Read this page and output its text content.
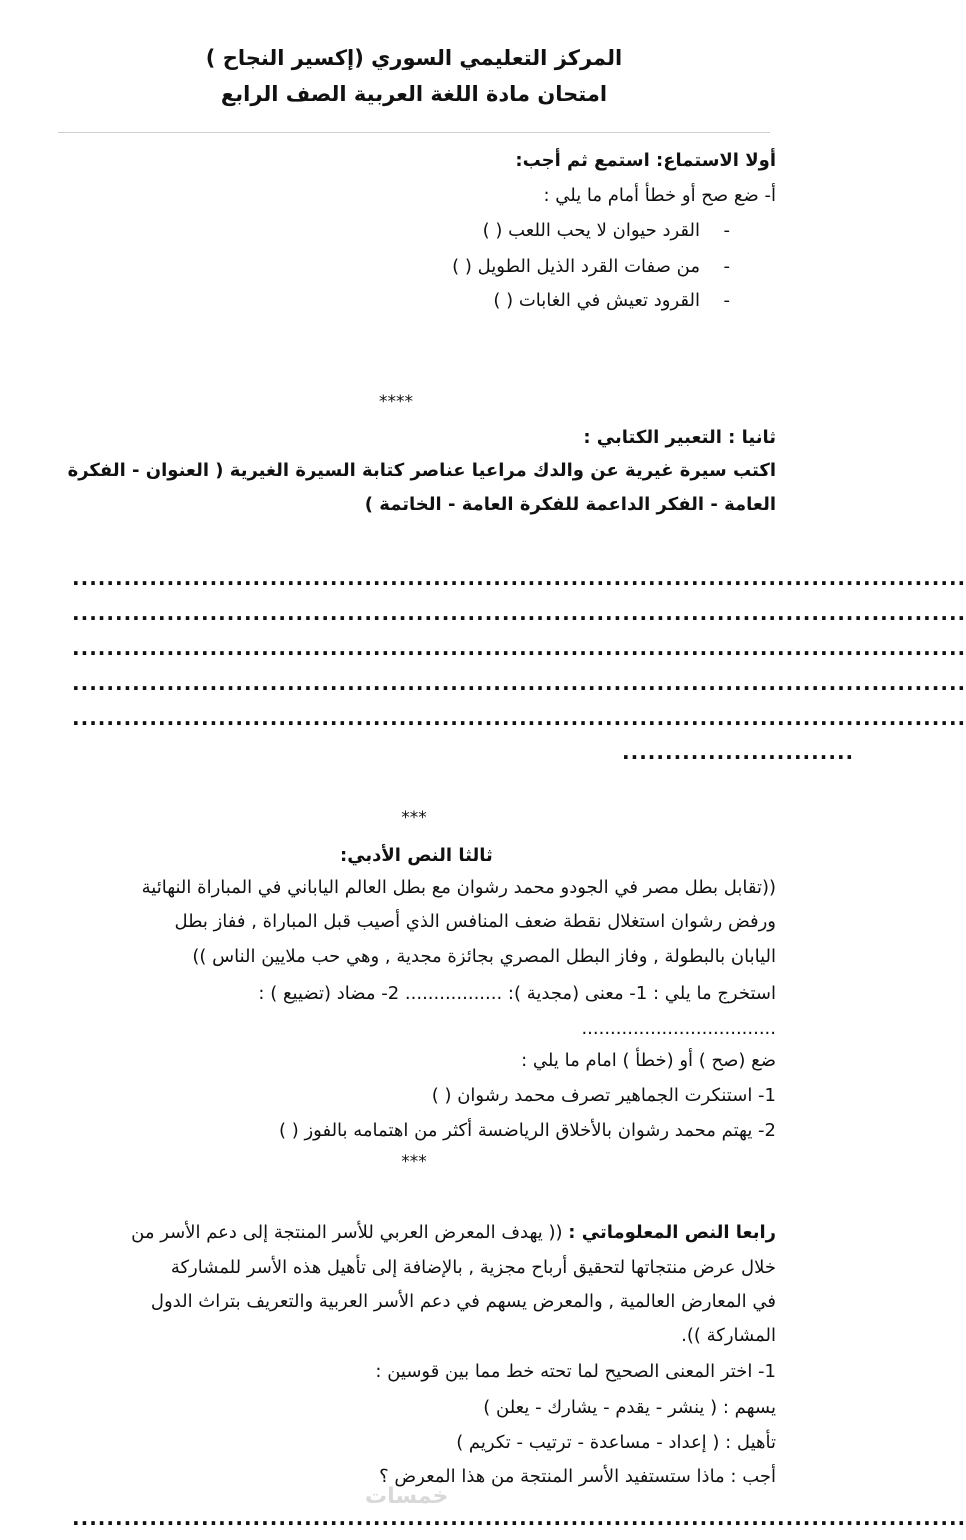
المركز التعليمي السوري (إكسير النجاح )
امتحان مادة اللغة العربية الصف الرابع
أولا الاستماع: استمع ثم أجب:
أ- ضع صح أو خطأ أمام ما يلي :
-القرد حيوان لا يحب اللعب ( )
-من صفات القرد الذيل الطويل ( )
-القرود تعيش في الغابات ( )
****
ثانيا : التعبير الكتابي :
اكتب سيرة غيرية عن والدك مراعيا عناصر كتابة السيرة الغيرية ( العنوان - الفكرة
العامة - الفكر الداعمة للفكرة العامة - الخاتمة )
........................................................................................................
........................................................................................................
........................................................................................................
........................................................................................................
........................................................................................................
...........................
***
ثالثا النص الأدبي:
((تقابل بطل مصر في الجودو محمد رشوان مع بطل العالم الياباني في المباراة النهائية
ورفض رشوان استغلال نقطة ضعف المنافس الذي أصيب قبل المباراة , ففاز بطل
اليابان بالبطولة , وفاز البطل المصري بجائزة مجدية , وهي حب ملايين الناس ))
استخرج ما يلي : 1- معنى (مجدية ): ................. 2- مضاد (تضييع ) :
..................................
ضع (صح ) أو (خطأ ) امام ما يلي :
1- استنكرت الجماهير تصرف محمد رشوان ( )
2- يهتم محمد رشوان بالأخلاق الرياضسة أكثر من اهتمامه بالفوز ( )
***
رابعا النص المعلوماتي : (( يهدف المعرض العربي للأسر المنتجة إلى دعم الأسر من
خلال عرض منتجاتها لتحقيق أرباح مجزية , بالإضافة إلى تأهيل هذه الأسر للمشاركة
في المعارض العالمية , والمعرض يسهم في دعم الأسر العربية والتعريف بتراث الدول
المشاركة )).
1- اختر المعنى الصحيح لما تحته خط مما بين قوسين :
يسهم : ( ينشر - يقدم - يشارك - يعلن )
تأهيل : ( إعداد - مساعدة - ترتيب - تكريم )
أجب : ماذا ستستفيد الأسر المنتجة من هذا المعرض ؟
خمسات
........................................................................................................
